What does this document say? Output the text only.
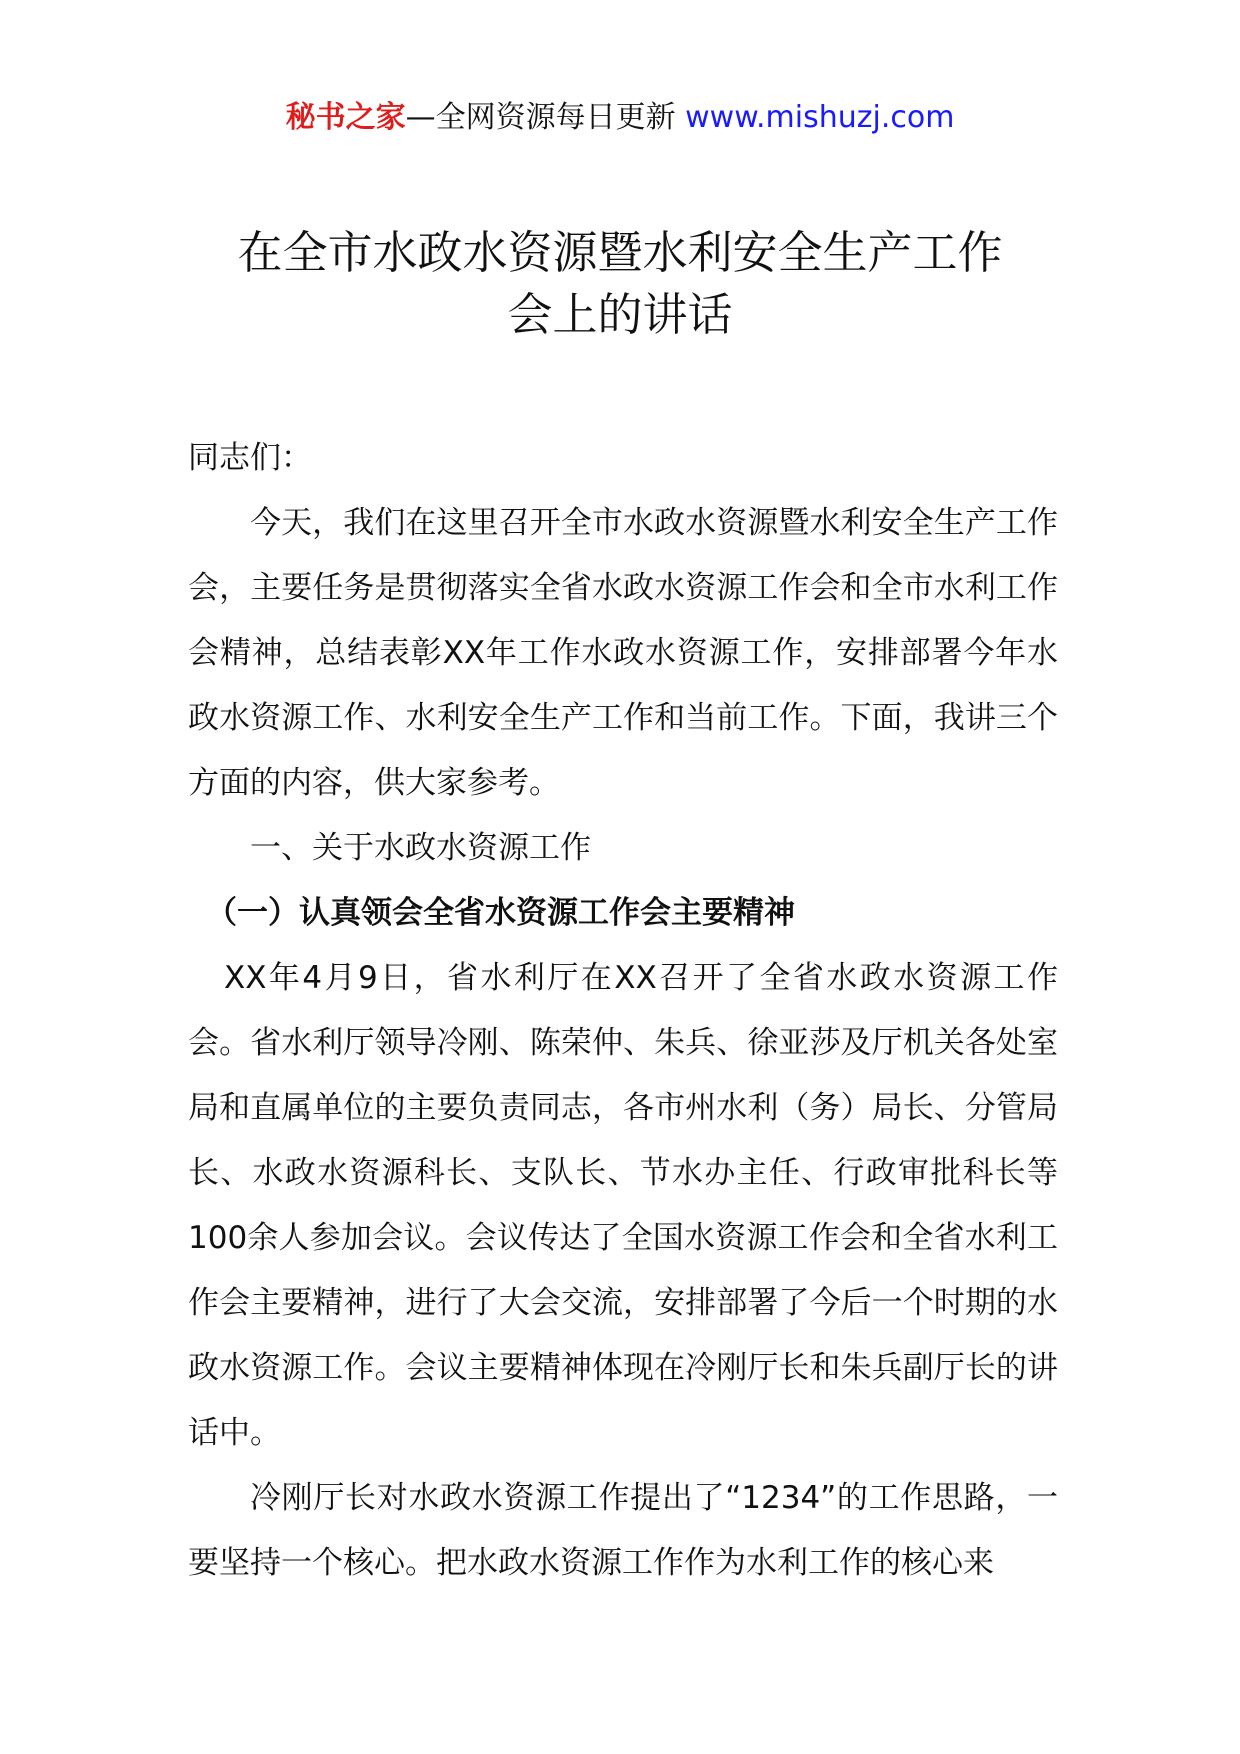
秘书之家—全网资源每日更新 www.mishuzj.com
在全市水政水资源暨水利安全生产工作
会上的讲话

同志们：

今天，我们在这里召开全市水政水资源暨水利安全生产工作会，主要任务是贯彻落实全省水政水资源工作会和全市水利工作会精神，总结表彰XX年工作水政水资源工作，安排部署今年水政水资源工作、水利安全生产工作和当前工作。下面，我讲三个方面的内容，供大家参考。

一、关于水政水资源工作

（一）认真领会全省水资源工作会主要精神

XX年4月9日，省水利厅在XX召开了全省水政水资源工作会。省水利厅领导冷刚、陈荣仲、朱兵、徐亚莎及厅机关各处室局和直属单位的主要负责同志，各市州水利（务）局长、分管局长、水政水资源科长、支队长、节水办主任、行政审批科长等100余人参加会议。会议传达了全国水资源工作会和全省水利工作会主要精神，进行了大会交流，安排部署了今后一个时期的水政水资源工作。会议主要精神体现在冷刚厅长和朱兵副厅长的讲话中。

冷刚厅长对水政水资源工作提出了“1234”的工作思路，一要坚持一个核心。把水政水资源工作作为水利工作的核心来
